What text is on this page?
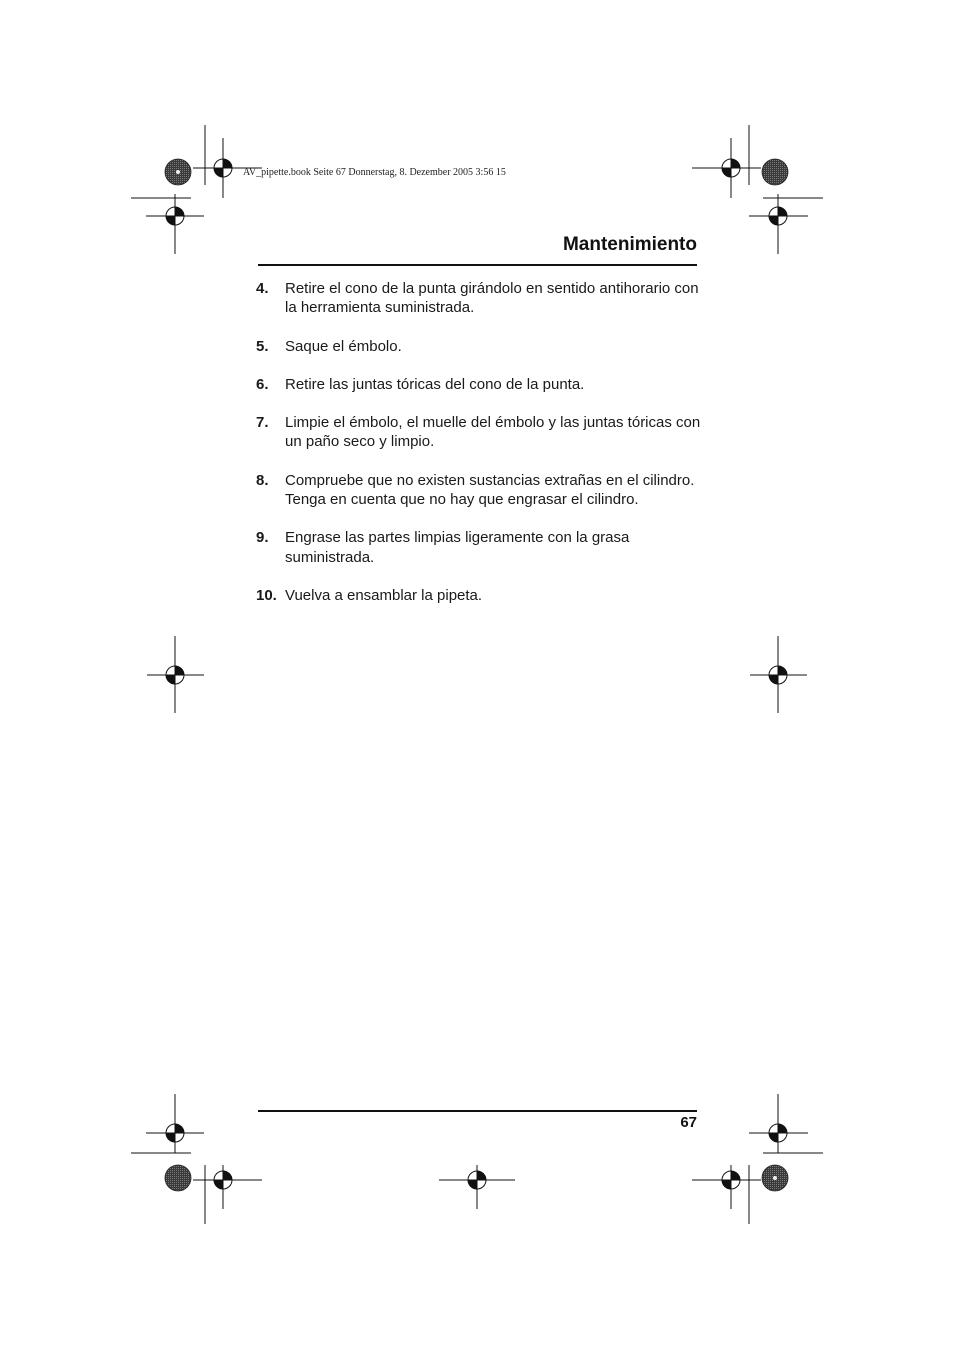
AV_pipette.book Seite 67 Donnerstag, 8. Dezember 2005 3:56 15
Mantenimiento
4. Retire el cono de la punta girándolo en sentido antihorario con la herramienta suministrada.
5. Saque el émbolo.
6. Retire las juntas tóricas del cono de la punta.
7. Limpie el émbolo, el muelle del émbolo y las juntas tóricas con un paño seco y limpio.
8. Compruebe que no existen sustancias extrañas en el cilindro. Tenga en cuenta que no hay que engrasar el cilindro.
9. Engrase las partes limpias ligeramente con la grasa suministrada.
10. Vuelva a ensamblar la pipeta.
67
